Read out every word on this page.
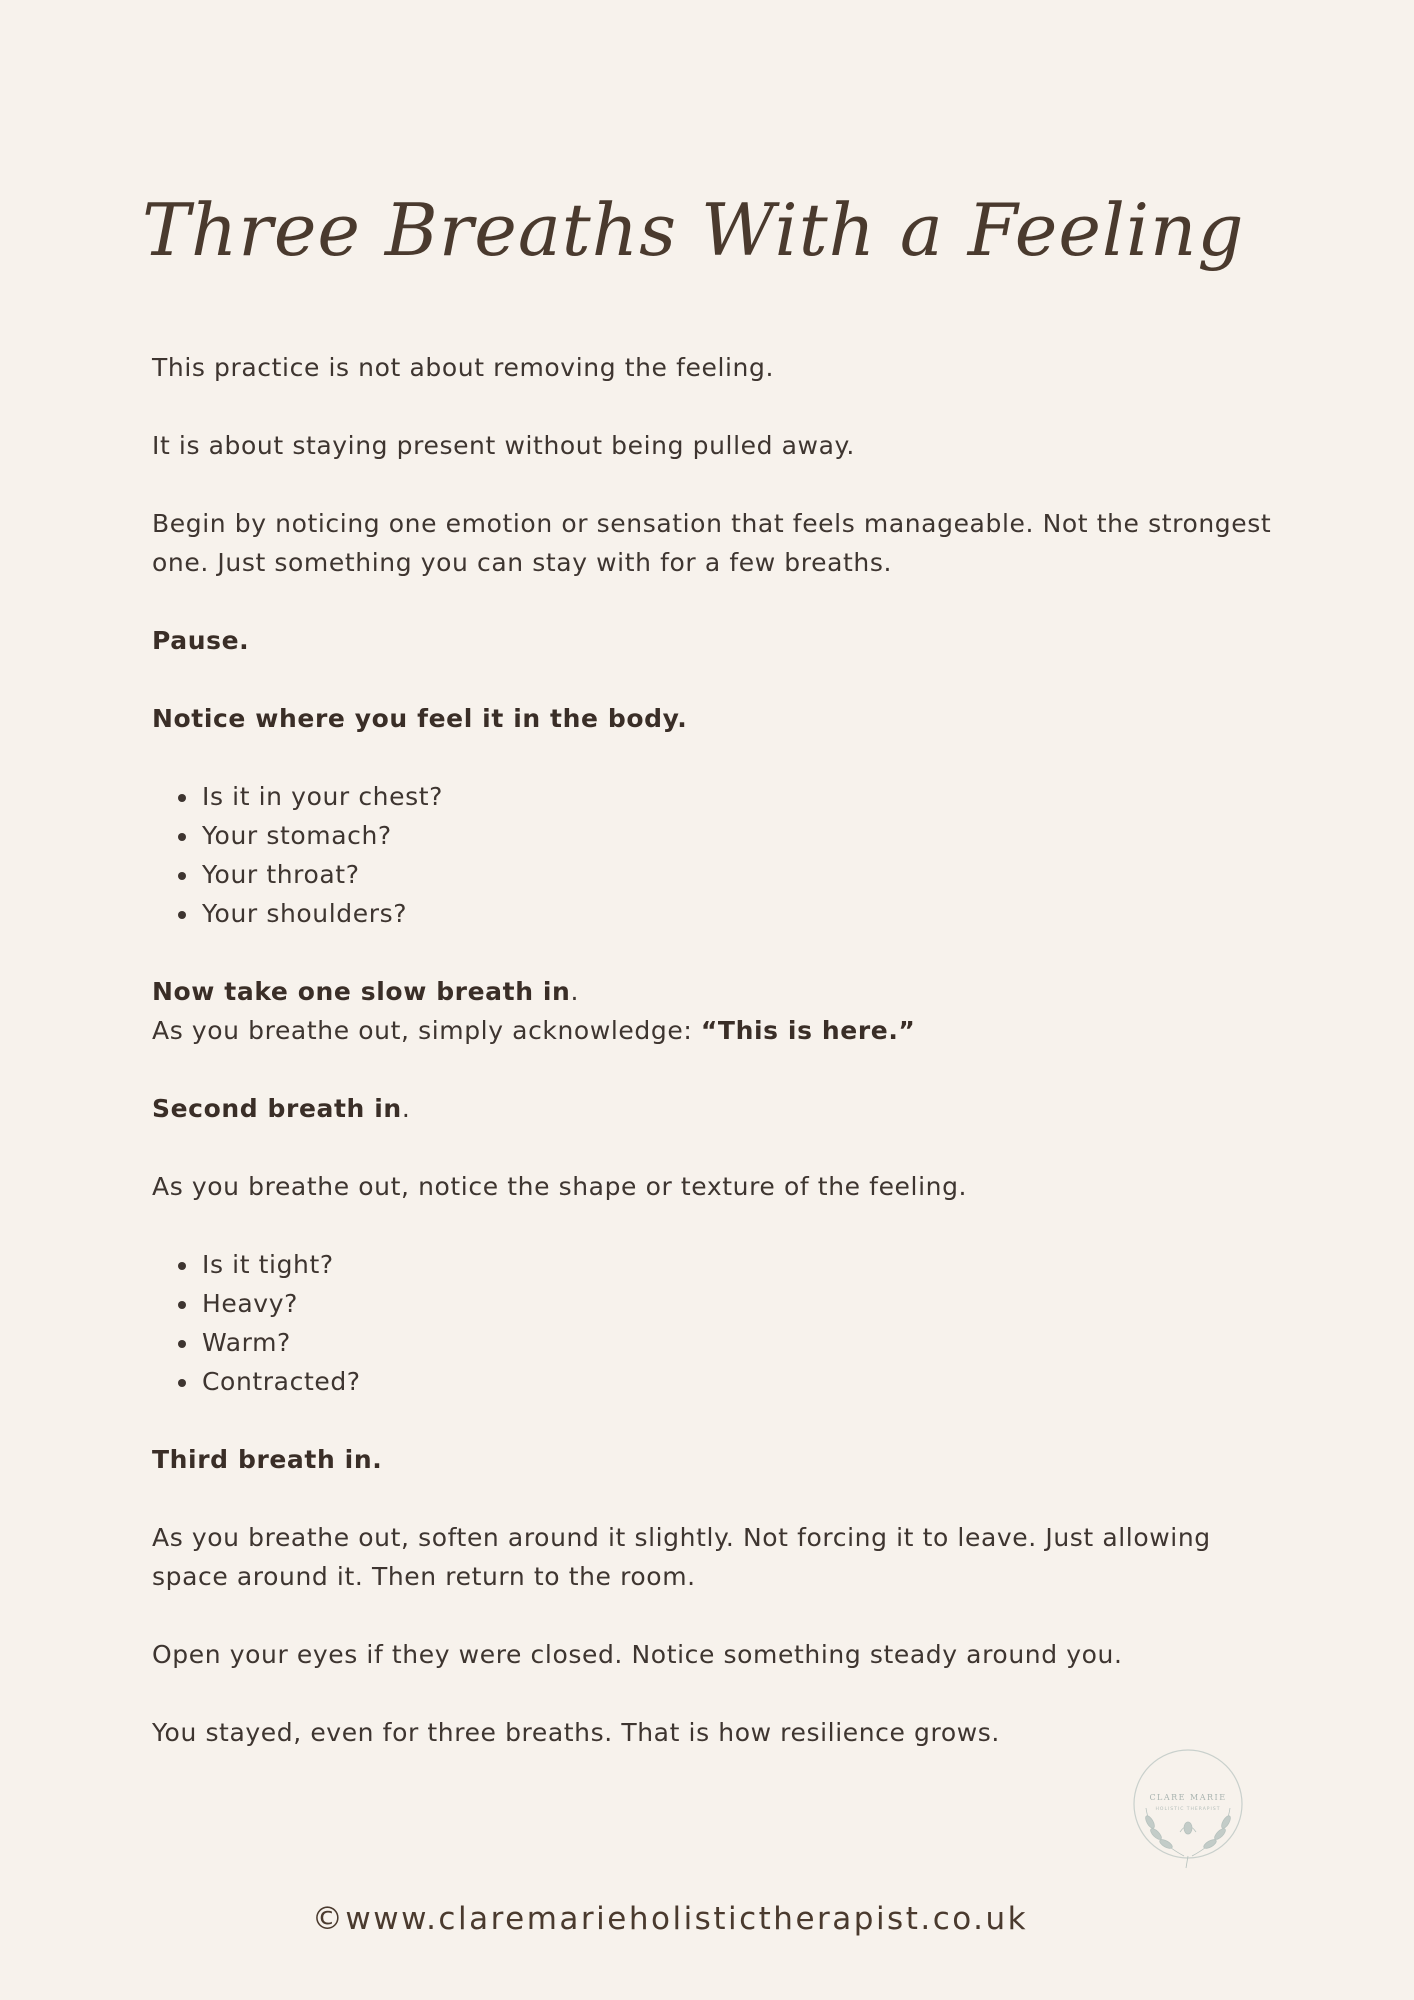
Three Breaths With a Feeling

This practice is not about removing the feeling.

It is about staying present without being pulled away.

Begin by noticing one emotion or sensation that feels manageable. Not the strongest one. Just something you can stay with for a few breaths.

Pause.

Notice where you feel it in the body.

• Is it in your chest?
• Your stomach?
• Your throat?
• Your shoulders?

Now take one slow breath in.

As you breathe out, simply acknowledge: “This is here.”

Second breath in.

As you breathe out, notice the shape or texture of the feeling.

• Is it tight?
• Heavy?
• Warm?
• Contracted?

Third breath in.

As you breathe out, soften around it slightly. Not forcing it to leave. Just allowing space around it. Then return to the room.

Open your eyes if they were closed. Notice something steady around you.

You stayed, even for three breaths. That is how resilience grows.

CLARE MARIE
HOLISTIC THERAPIST
©www.claremarieholistictherapist.co.uk
